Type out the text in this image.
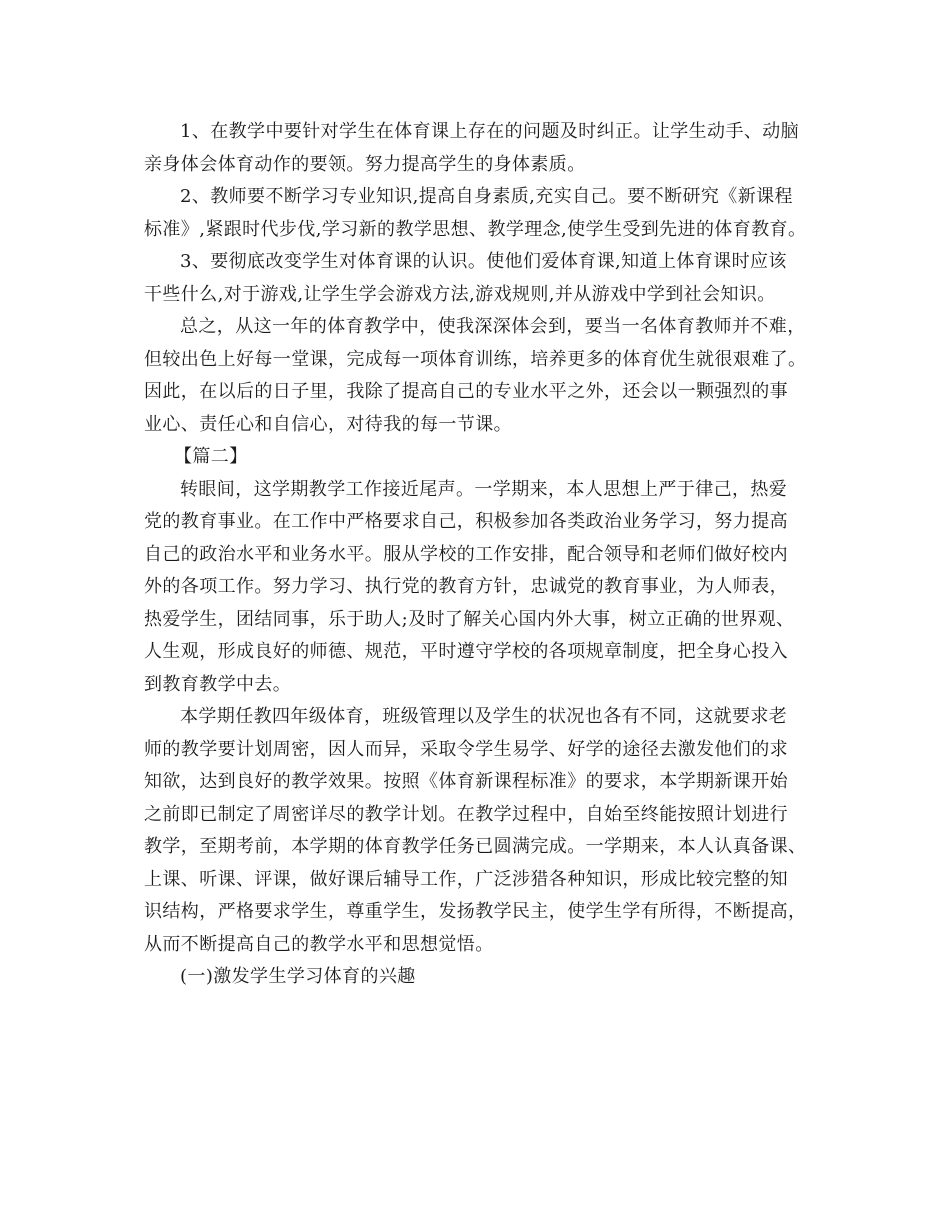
1、在教学中要针对学生在体育课上存在的问题及时纠正。让学生动手、动脑

亲身体会体育动作的要领。努力提高学生的身体素质。

2、教师要不断学习专业知识,提高自身素质,充实自己。要不断研究《新课程

标准》,紧跟时代步伐,学习新的教学思想、教学理念,使学生受到先进的体育教育。

3、要彻底改变学生对体育课的认识。使他们爱体育课,知道上体育课时应该

干些什么,对于游戏,让学生学会游戏方法,游戏规则,并从游戏中学到社会知识。

总之，从这一年的体育教学中，使我深深体会到，要当一名体育教师并不难，

但较出色上好每一堂课，完成每一项体育训练，培养更多的体育优生就很艰难了。

因此，在以后的日子里，我除了提高自己的专业水平之外，还会以一颗强烈的事

业心、责任心和自信心，对待我的每一节课。

【篇二】

转眼间，这学期教学工作接近尾声。一学期来，本人思想上严于律己，热爱

党的教育事业。在工作中严格要求自己，积极参加各类政治业务学习，努力提高

自己的政治水平和业务水平。服从学校的工作安排，配合领导和老师们做好校内

外的各项工作。努力学习、执行党的教育方针，忠诚党的教育事业，为人师表，

热爱学生，团结同事，乐于助人;及时了解关心国内外大事，树立正确的世界观、

人生观，形成良好的师德、规范，平时遵守学校的各项规章制度，把全身心投入

到教育教学中去。

本学期任教四年级体育，班级管理以及学生的状况也各有不同，这就要求老

师的教学要计划周密，因人而异，采取令学生易学、好学的途径去激发他们的求

知欲，达到良好的教学效果。按照《体育新课程标准》的要求，本学期新课开始

之前即已制定了周密详尽的教学计划。在教学过程中，自始至终能按照计划进行

教学，至期考前，本学期的体育教学任务已圆满完成。一学期来，本人认真备课、

上课、听课、评课，做好课后辅导工作，广泛涉猎各种知识，形成比较完整的知

识结构，严格要求学生，尊重学生，发扬教学民主，使学生学有所得，不断提高，

从而不断提高自己的教学水平和思想觉悟。

(一)激发学生学习体育的兴趣
